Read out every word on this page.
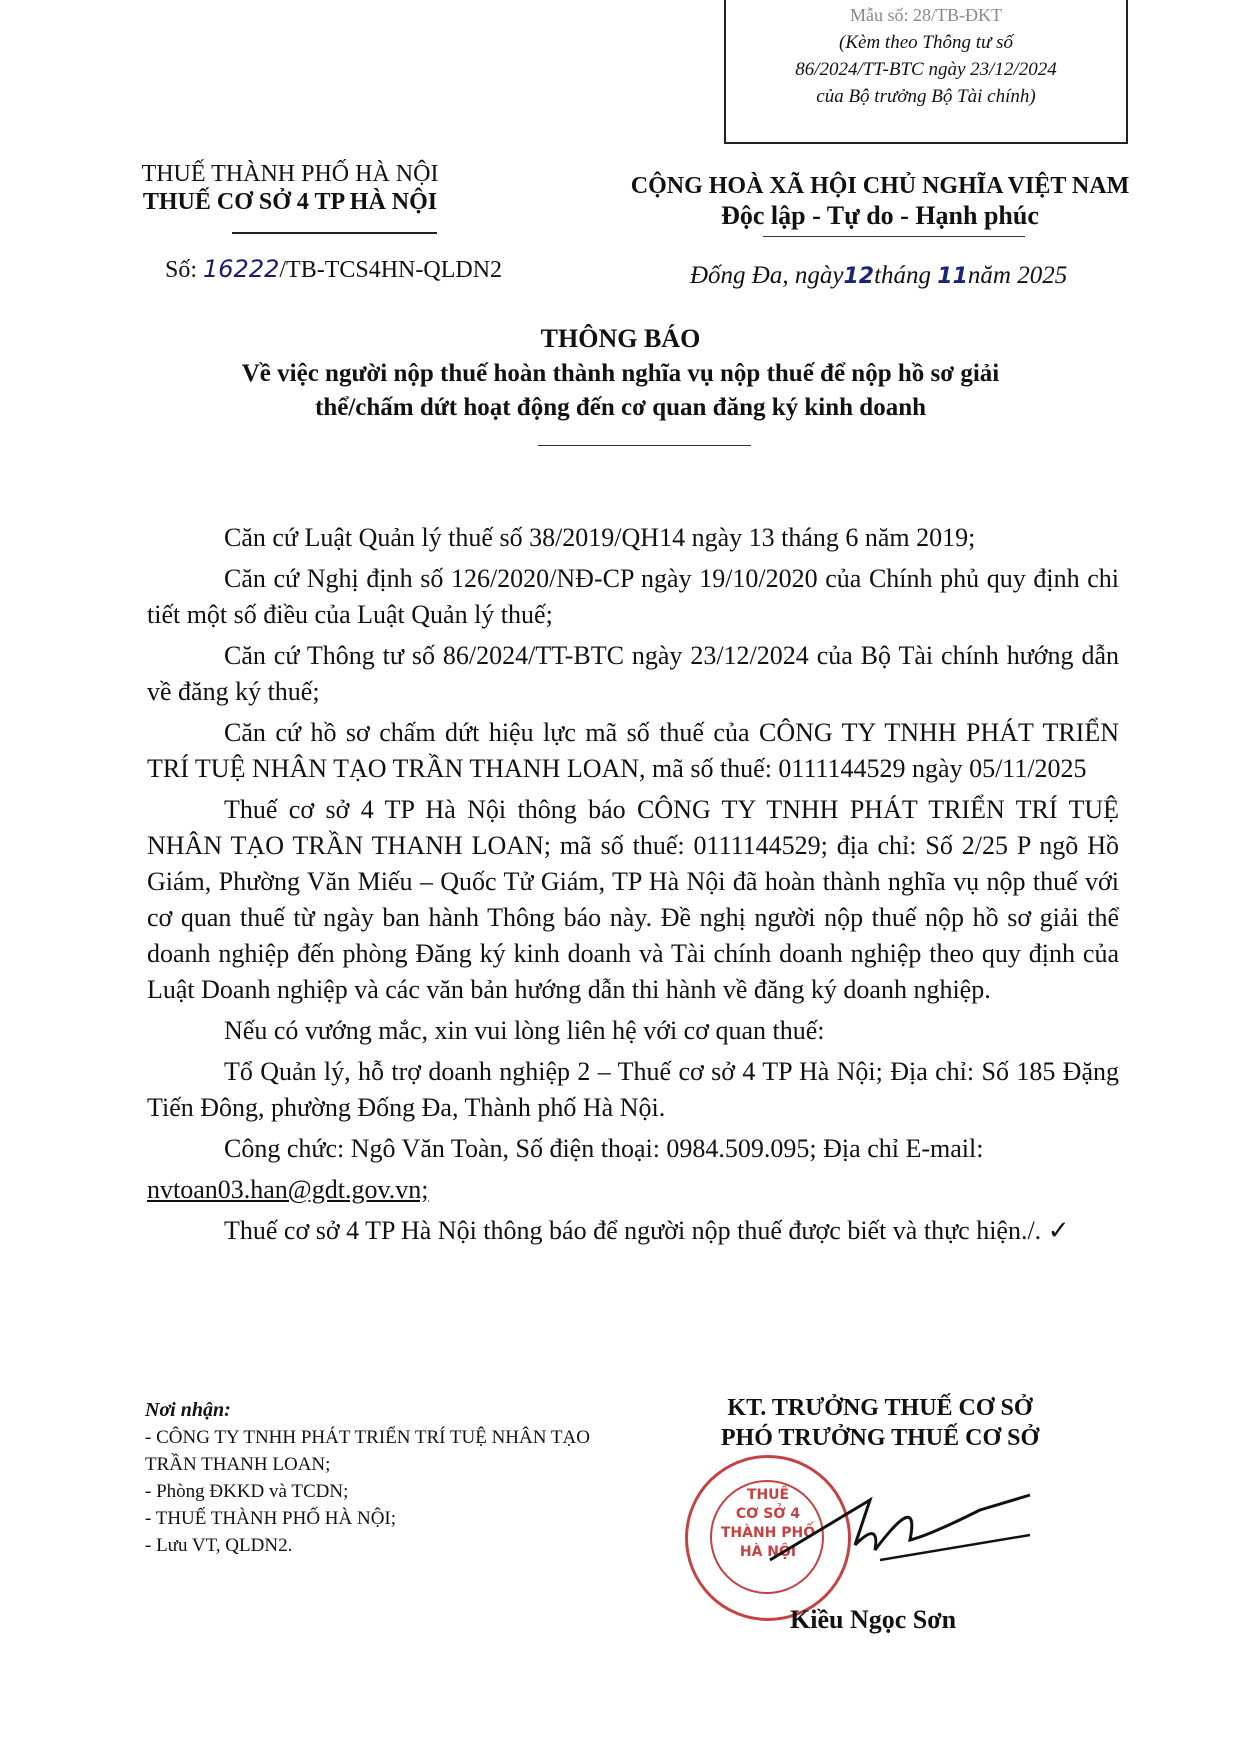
Mẫu số: 28/TB-ĐKT
(Kèm theo Thông tư số
86/2024/TT-BTC ngày 23/12/2024
của Bộ trưởng Bộ Tài chính)
THUẾ THÀNH PHỐ HÀ NỘI
THUẾ CƠ SỞ 4 TP HÀ NỘI
Số: 16222/TB-TCS4HN-QLDN2
CỘNG HOÀ XÃ HỘI CHỦ NGHĨA VIỆT NAM
Độc lập - Tự do - Hạnh phúc
Đống Đa, ngày12tháng 11năm 2025
THÔNG BÁO
Về việc người nộp thuế hoàn thành nghĩa vụ nộp thuế để nộp hồ sơ giải
thể/chấm dứt hoạt động đến cơ quan đăng ký kinh doanh

Căn cứ Luật Quản lý thuế số 38/2019/QH14 ngày 13 tháng 6 năm 2019;

Căn cứ Nghị định số 126/2020/NĐ-CP ngày 19/10/2020 của Chính phủ quy định chi tiết một số điều của Luật Quản lý thuế;

Căn cứ Thông tư số 86/2024/TT-BTC ngày 23/12/2024 của Bộ Tài chính hướng dẫn về đăng ký thuế;

Căn cứ hồ sơ chấm dứt hiệu lực mã số thuế của CÔNG TY TNHH PHÁT TRIỂN TRÍ TUỆ NHÂN TẠO TRẦN THANH LOAN, mã số thuế: 0111144529 ngày 05/11/2025

Thuế cơ sở 4 TP Hà Nội thông báo CÔNG TY TNHH PHÁT TRIỂN TRÍ TUỆ NHÂN TẠO TRẦN THANH LOAN; mã số thuế: 0111144529; địa chỉ: Số 2/25 P ngõ Hồ Giám, Phường Văn Miếu – Quốc Tử Giám, TP Hà Nội đã hoàn thành nghĩa vụ nộp thuế với cơ quan thuế từ ngày ban hành Thông báo này. Đề nghị người nộp thuế nộp hồ sơ giải thể doanh nghiệp đến phòng Đăng ký kinh doanh và Tài chính doanh nghiệp theo quy định của Luật Doanh nghiệp và các văn bản hướng dẫn thi hành về đăng ký doanh nghiệp.

Nếu có vướng mắc, xin vui lòng liên hệ với cơ quan thuế:

Tổ Quản lý, hỗ trợ doanh nghiệp 2 – Thuế cơ sở 4 TP Hà Nội; Địa chỉ: Số 185 Đặng Tiến Đông, phường Đống Đa, Thành phố Hà Nội.

Công chức: Ngô Văn Toàn, Số điện thoại: 0984.509.095; Địa chỉ E-mail:

nvtoan03.han@gdt.gov.vn;

Thuế cơ sở 4 TP Hà Nội thông báo để người nộp thuế được biết và thực hiện./. ✓

Nơi nhận:
- CÔNG TY TNHH PHÁT TRIỂN TRÍ TUỆ NHÂN TẠO TRẦN THANH LOAN;
- Phòng ĐKKD và TCDN;
- THUẾ THÀNH PHỐ HÀ NỘI;
- Lưu VT, QLDN2.
KT. TRƯỞNG THUẾ CƠ SỞ
PHÓ TRƯỞNG THUẾ CƠ SỞ
THUẾ
CƠ SỞ 4
THÀNH PHỐ
HÀ NỘI
Kiều Ngọc Sơn
